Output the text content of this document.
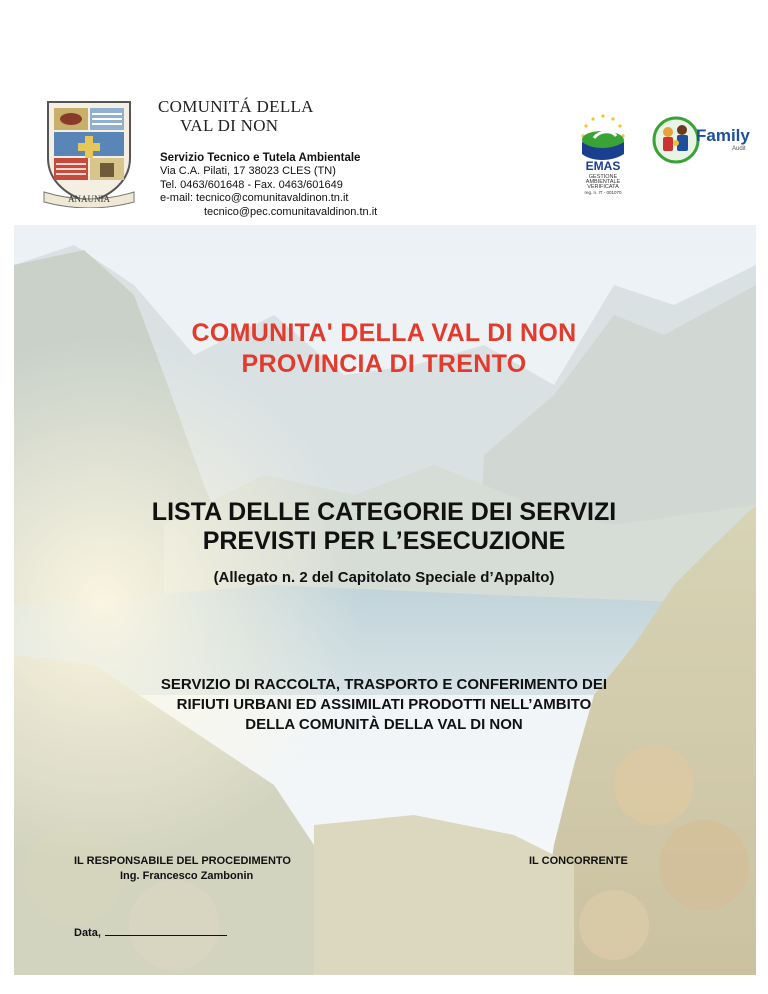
ANAUNIA
COMUNITÁ DELLA
VAL DI NON
Servizio Tecnico e Tutela Ambientale
Via C.A. Pilati, 17 38023 CLES (TN)
Tel. 0463/601648 - Fax. 0463/601649
e-mail: tecnico@comunitavaldinon.tn.it
tecnico@pec.comunitavaldinon.tn.it
EMAS
GESTIONE
AMBIENTALE
VERIFICATA
reg. n. IT - 001070
Family
Audit
COMUNITA' DELLA VAL DI NON
PROVINCIA DI TRENTO
LISTA DELLE CATEGORIE DEI SERVIZI
PREVISTI PER L’ESECUZIONE
(Allegato n. 2 del Capitolato Speciale d’Appalto)
SERVIZIO DI RACCOLTA, TRASPORTO E CONFERIMENTO DEI
RIFIUTI URBANI ED ASSIMILATI PRODOTTI NELL’AMBITO
DELLA COMUNITÀ DELLA VAL DI NON
IL RESPONSABILE DEL PROCEDIMENTO
Ing. Francesco Zambonin
IL CONCORRENTE
Data,
